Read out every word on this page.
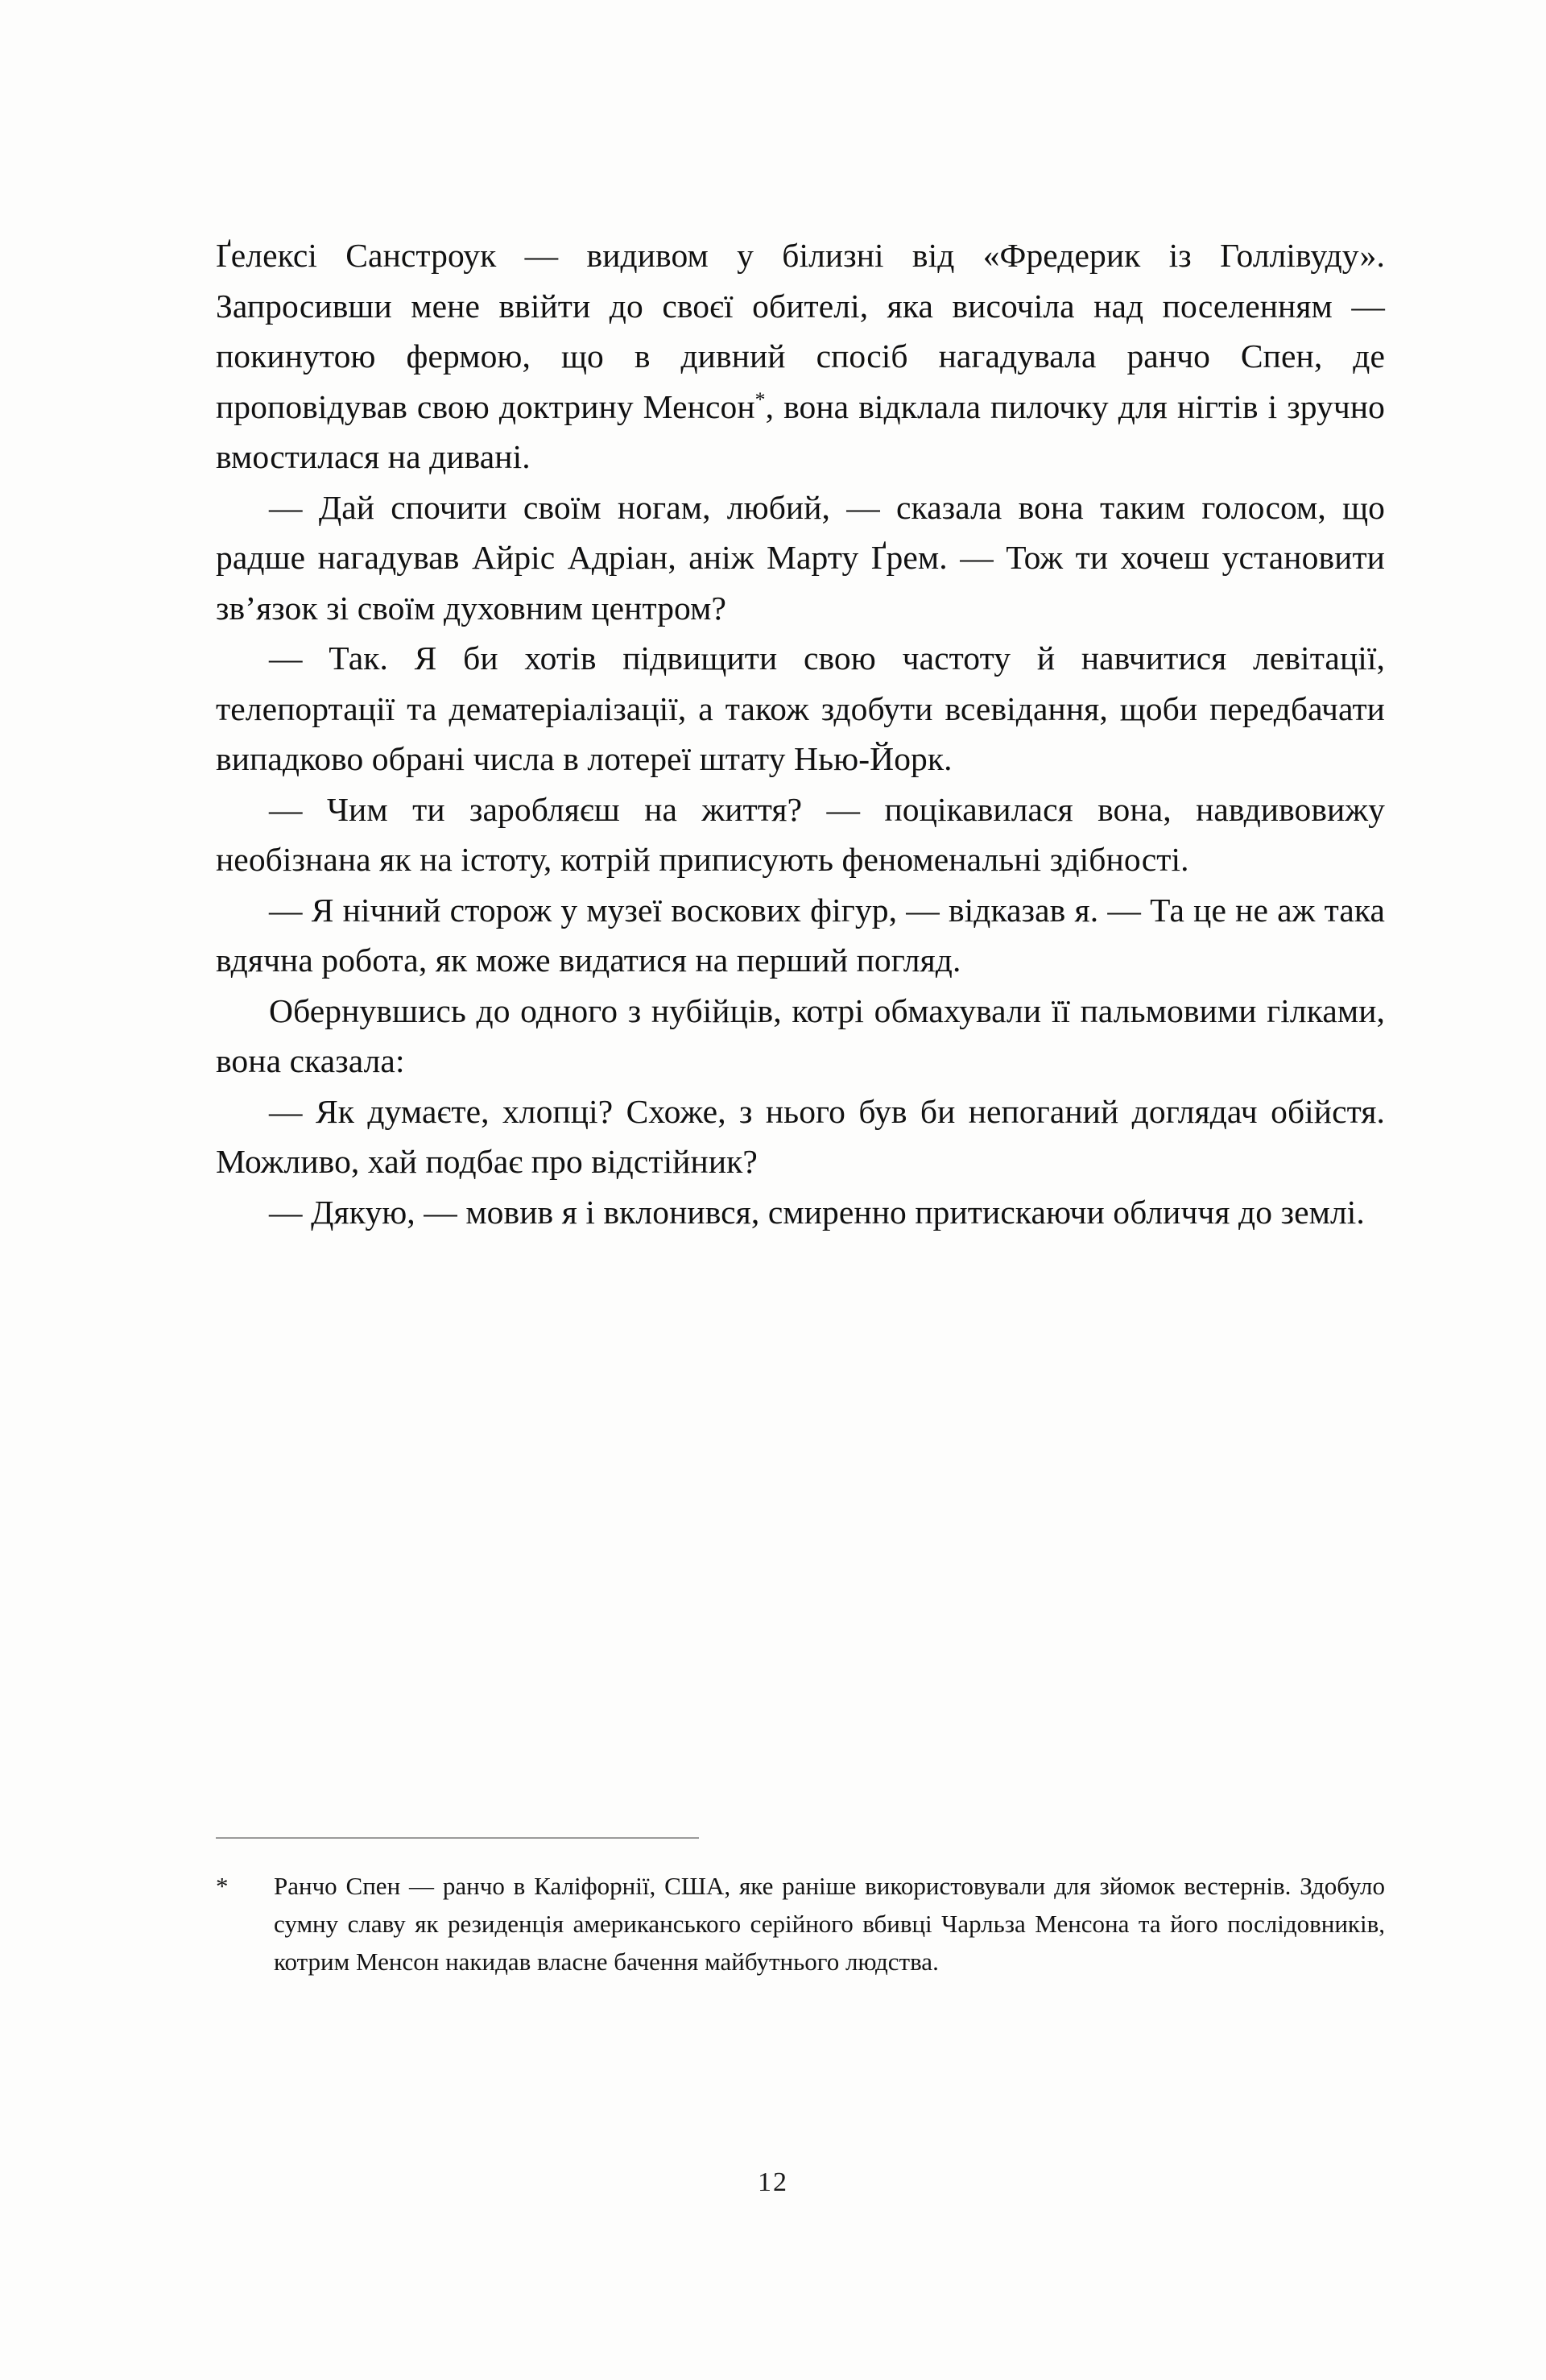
Ґелексі Санстроук — видивом у білизні від «Фредерик із Голлівуду». Запросивши мене ввійти до своєї обителі, яка височіла над поселенням — покинутою фермою, що в дивний спосіб нагадувала ранчо Спен, де проповідував свою доктрину Менсон*, вона відклала пилочку для нігтів і зручно вмостилася на дивані.

— Дай спочити своїм ногам, любий, — сказала вона таким голосом, що радше нагадував Айріс Адріан, аніж Марту Ґрем. — Тож ти хочеш установити зв’язок зі своїм духовним центром?

— Так. Я би хотів підвищити свою частоту й навчитися левітації, телепортації та дематеріалізації, а також здобути всевідання, щоби передбачати випадково обрані числа в лотереї штату Нью-Йорк.

— Чим ти заробляєш на життя? — поцікавилася вона, навдивовижу необізнана як на істоту, котрій приписують феноменальні здібності.

— Я нічний сторож у музеї воскових фігур, — відказав я. — Та це не аж така вдячна робота, як може видатися на перший погляд.

Обернувшись до одного з нубійців, котрі обмахували її пальмовими гілками, вона сказала:

— Як думаєте, хлопці? Схоже, з нього був би непоганий доглядач обійстя. Можливо, хай подбає про відстійник?

— Дякую, — мовив я і вклонився, смиренно притискаючи обличчя до землі.

*	Ранчо Спен — ранчо в Каліфорнії, США, яке раніше використовували для зйомок вестернів. Здобуло сумну славу як резиденція американського серійного вбивці Чарльза Менсона та його послідовників, котрим Менсон накидав власне бачення майбутнього людства.
12
